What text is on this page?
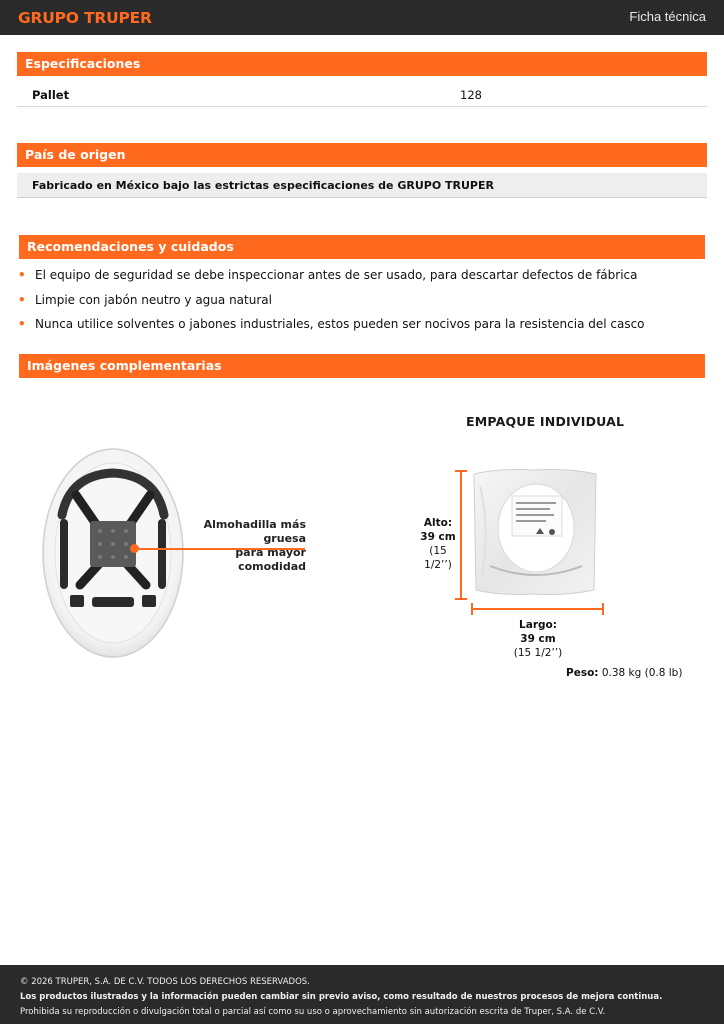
GRUPO TRUPER	Ficha técnica
Especificaciones
Pallet	128
País de origen
Fabricado en México bajo las estrictas especificaciones de GRUPO TRUPER
Recomendaciones y cuidados
• El equipo de seguridad se debe inspeccionar antes de ser usado, para descartar defectos de fábrica
• Limpie con jabón neutro y agua natural
• Nunca utilice solventes o jabones industriales, estos pueden ser nocivos para la resistencia del casco
Imágenes complementarias
Almohadilla más gruesa
para mayor comodidad
EMPAQUE INDIVIDUAL
Alto:
39 cm
(15 1/2’’)
Largo:
39 cm
(15 1/2’’)
Peso: 0.38 kg (0.8 lb)
© 2026 TRUPER, S.A. DE C.V. TODOS LOS DERECHOS RESERVADOS.
Los productos ilustrados y la información pueden cambiar sin previo aviso, como resultado de nuestros procesos de mejora continua.
Prohibida su reproducción o divulgación total o parcial así como su uso o aprovechamiento sin autorización escrita de Truper, S.A. de C.V.
